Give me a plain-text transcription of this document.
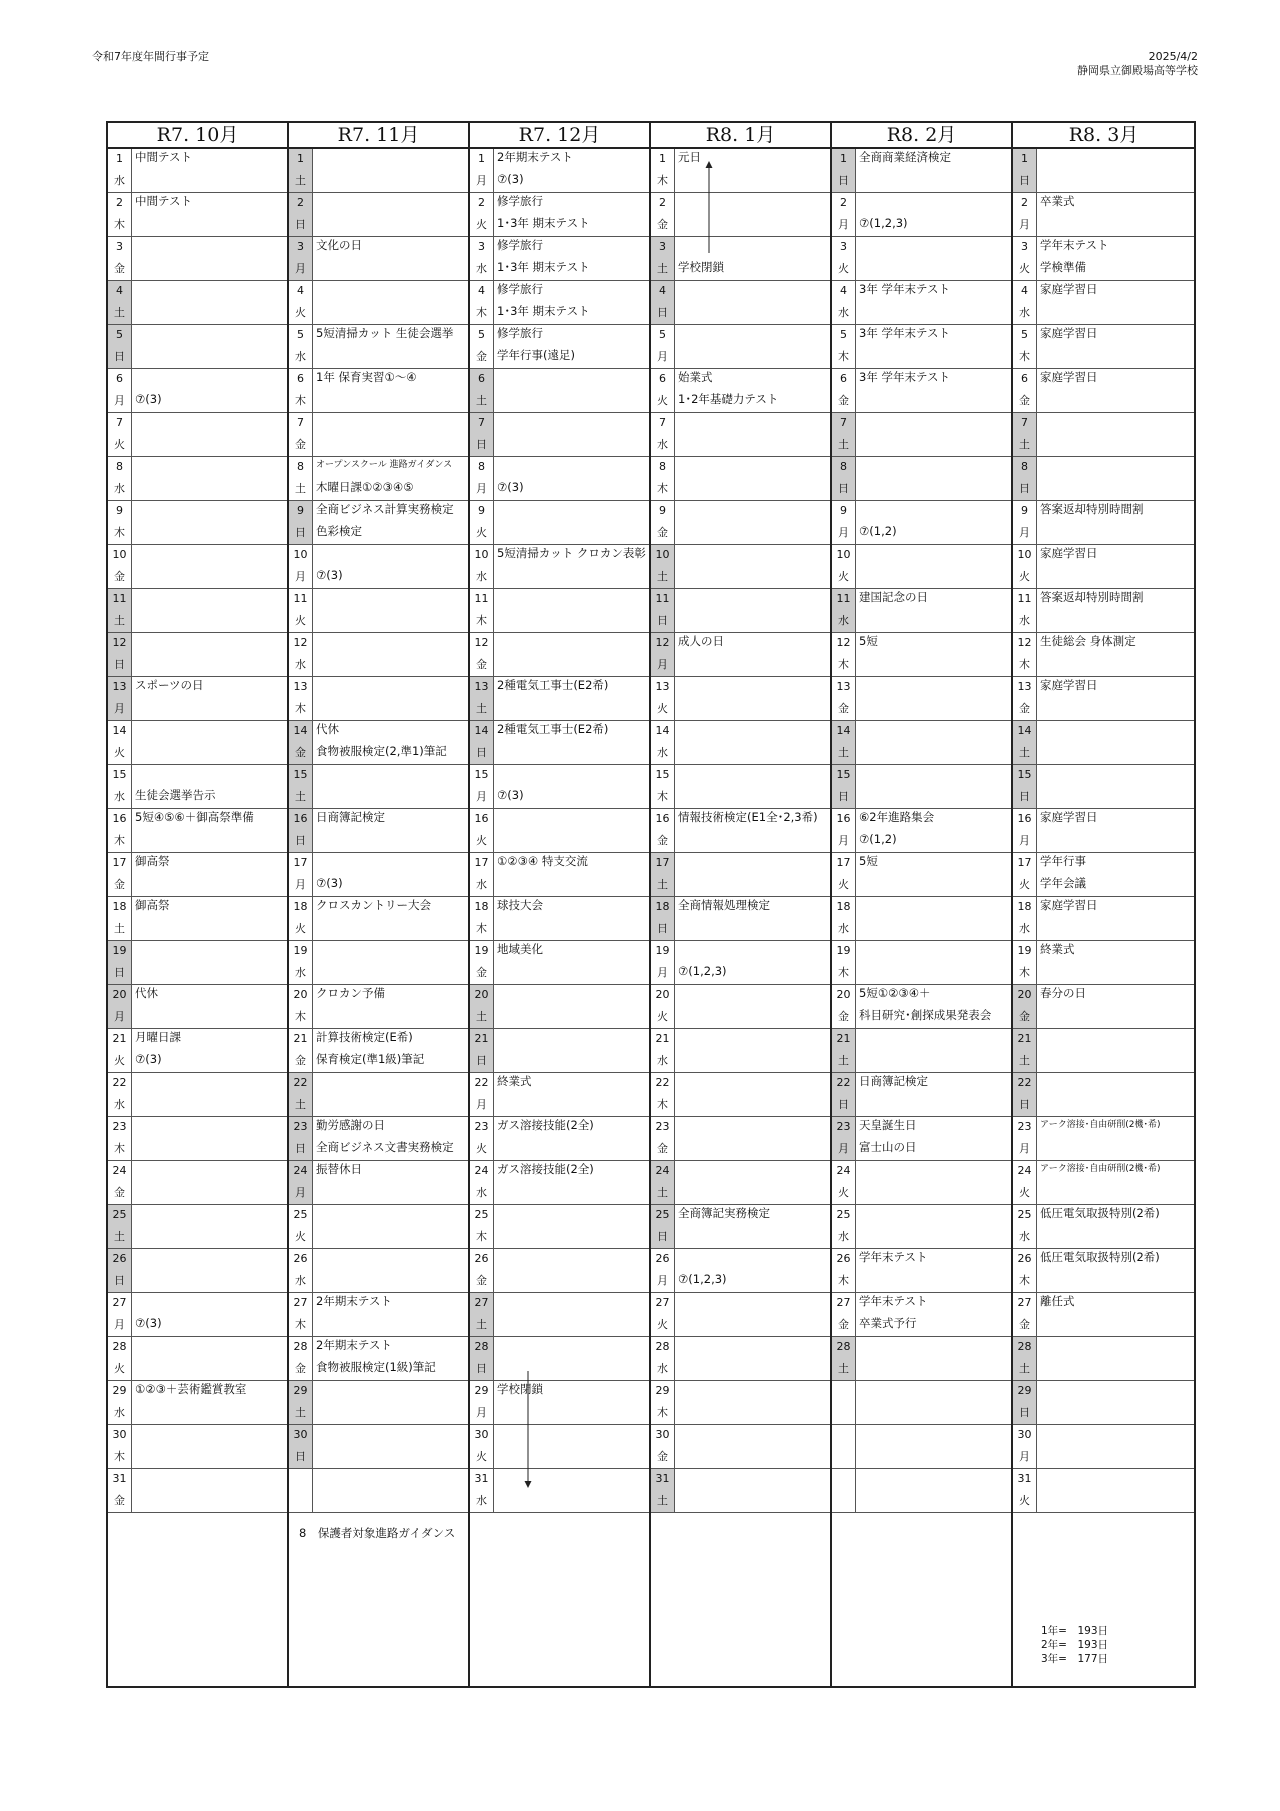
令和7年度年間行事予定	2025/4/2
静岡県立御殿場高等学校
R7. 10月
1
水
中間テスト
2
木
中間テスト
3
金
4
土
5
日
6
月 ⑦(3)
7
火
8
水
9
木
10
金
11
土
12
日
13
月
スポーツの日
14
火
15
水 生徒会選挙告示
16
木
5短④⑤⑥＋御高祭準備
17
金
御高祭
18
土
御高祭
19
日
20
月
代休
21
火
月曜日課
⑦(3)
22
水
23
木
24
金
25
土
26
日
27
月 ⑦(3)
28
火
29
水
①②③＋芸術鑑賞教室
30
木
31
金
R7. 11月
1
土
2
日
3
月
文化の日
4
火
5
水
5短清掃カット 生徒会選挙
6
木
1年 保育実習①～④
7
金
8
土
オープンスクール 進路ガイダンス
木曜日課①②③④⑤
9
日
全商ビジネス計算実務検定
色彩検定
10
月 ⑦(3)
11
火
12
水
13
木
14
金
代休
食物被服検定(2,準1)筆記
15
土
16
日
日商簿記検定
17
月 ⑦(3)
18
火
クロスカントリー大会
19
水
20
木
クロカン予備
21
金
計算技術検定(E希)
保育検定(準1級)筆記
22
土
23
日
勤労感謝の日
全商ビジネス文書実務検定
24
月
振替休日
25
火
26
水
27
木
2年期末テスト
28
金
2年期末テスト
食物被服検定(1級)筆記
29
土
30
日
8　保護者対象進路ガイダンス
R7. 12月
1
月
2年期末テスト
⑦(3)
2
火
修学旅行
1･3年 期末テスト
3
水
修学旅行
1･3年 期末テスト
4
木
修学旅行
1･3年 期末テスト
5
金
修学旅行
学年行事(遠足)
6
土
7
日
8
月 ⑦(3)
9
火
10
水
5短清掃カット クロカン表彰
11
木
12
金
13
土
2種電気工事士(E2希)
14
日
2種電気工事士(E2希)
15
月 ⑦(3)
16
火
17
水
①②③④ 特支交流
18
木
球技大会
19
金
地域美化
20
土
21
日
22
月
終業式
23
火
ガス溶接技能(2全)
24
水
ガス溶接技能(2全)
25
木
26
金
27
土
28
日
29
月
学校閉鎖
30
火
31
水
R8. 1月
1
木
元日
2
金
3
土 学校閉鎖
4
日
5
月
6
火
始業式
1･2年基礎力テスト
7
水
8
木
9
金
10
土
11
日
12
月
成人の日
13
火
14
水
15
木
16
金
情報技術検定(E1全･2,3希)
17
土
18
日
全商情報処理検定
19
月 ⑦(1,2,3)
20
火
21
水
22
木
23
金
24
土
25
日
全商簿記実務検定
26
月 ⑦(1,2,3)
27
火
28
水
29
木
30
金
31
土
R8. 2月
1
日
全商商業経済検定
2
月 ⑦(1,2,3)
3
火
4
水
3年 学年末テスト
5
木
3年 学年末テスト
6
金
3年 学年末テスト
7
土
8
日
9
月 ⑦(1,2)
10
火
11
水
建国記念の日
12
木
5短
13
金
14
土
15
日
16
月
⑥2年進路集会
⑦(1,2)
17
火
5短
18
水
19
木
20
金
5短①②③④＋
科目研究･創探成果発表会
21
土
22
日
日商簿記検定
23
月
天皇誕生日
富士山の日
24
火
25
水
26
木
学年末テスト
27
金
学年末テスト
卒業式予行
28
土
R8. 3月
1
日
2
月
卒業式
3
火
学年末テスト
学検準備
4
水
家庭学習日
5
木
家庭学習日
6
金
家庭学習日
7
土
8
日
9
月
答案返却特別時間割
10
火
家庭学習日
11
水
答案返却特別時間割
12
木
生徒総会 身体測定
13
金
家庭学習日
14
土
15
日
16
月
家庭学習日
17
火
学年行事
学年会議
18
水
家庭学習日
19
木
終業式
20
金
春分の日
21
土
22
日
23
月
アーク溶接･自由研削(2機･希)
24
火
アーク溶接･自由研削(2機･希)
25
水
低圧電気取扱特別(2希)
26
木
低圧電気取扱特別(2希)
27
金
離任式
28
土
29
日
30
月
31
火
1年=　193日
2年=　193日
3年=　177日
